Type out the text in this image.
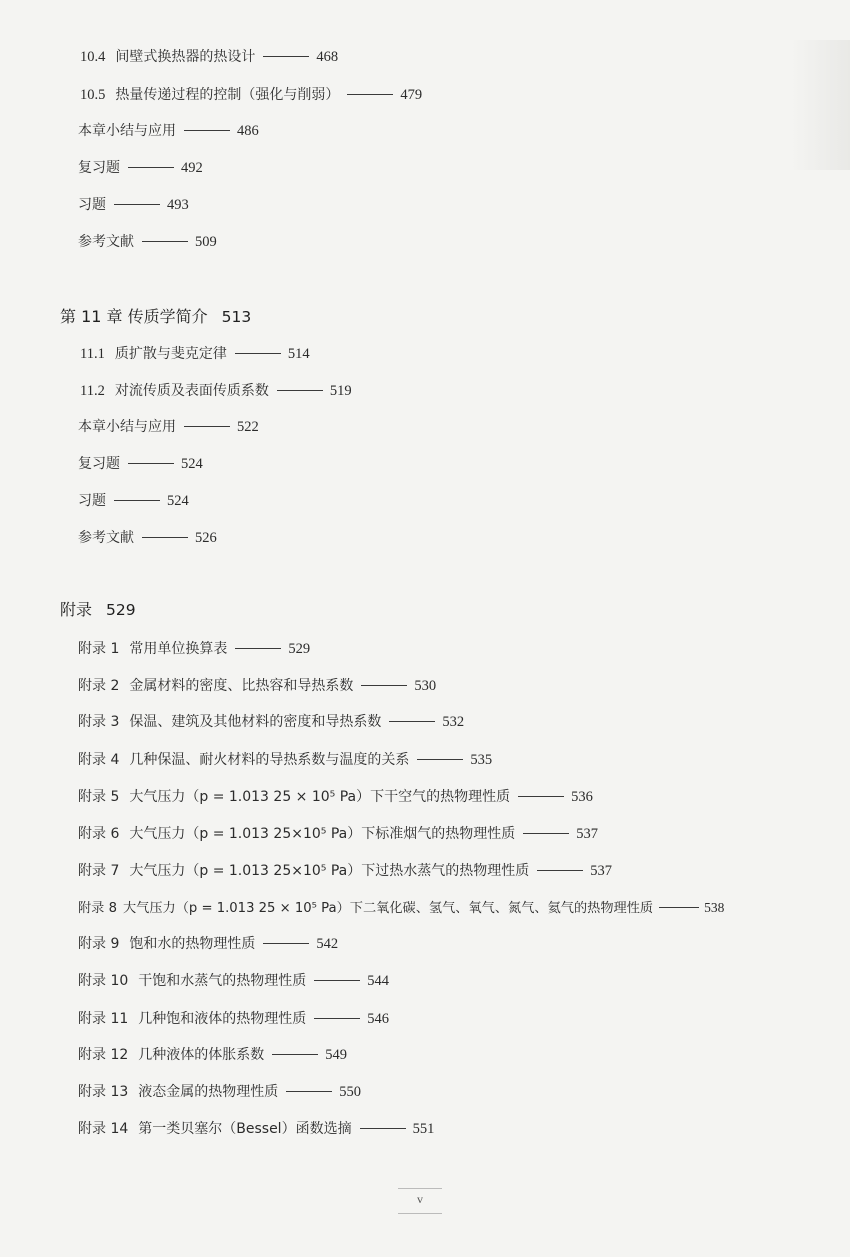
10.4 间壁式换热器的热设计	468
10.5 热量传递过程的控制（强化与削弱）	479
本章小结与应用	486
复习题	492
习题	493
参考文献	509
第 11 章 传质学简介 513
11.1 质扩散与斐克定律	514
11.2 对流传质及表面传质系数	519
本章小结与应用	522
复习题	524
习题	524
参考文献	526
附录 529
附录 1 常用单位换算表	529
附录 2 金属材料的密度、比热容和导热系数	530
附录 3 保温、建筑及其他材料的密度和导热系数	532
附录 4 几种保温、耐火材料的导热系数与温度的关系	535
附录 5 大气压力（p = 1.013 25 × 10⁵ Pa）下干空气的热物理性质	536
附录 6 大气压力（p = 1.013 25×10⁵ Pa）下标准烟气的热物理性质	537
附录 7 大气压力（p = 1.013 25×10⁵ Pa）下过热水蒸气的热物理性质	537
附录 8 大气压力（p = 1.013 25 × 10⁵ Pa）下二氧化碳、氢气、氧气、氮气、氦气的热物理性质	538
附录 9 饱和水的热物理性质	542
附录 10 干饱和水蒸气的热物理性质	544
附录 11 几种饱和液体的热物理性质	546
附录 12 几种液体的体胀系数	549
附录 13 液态金属的热物理性质	550
附录 14 第一类贝塞尔（Bessel）函数选摘	551
v
